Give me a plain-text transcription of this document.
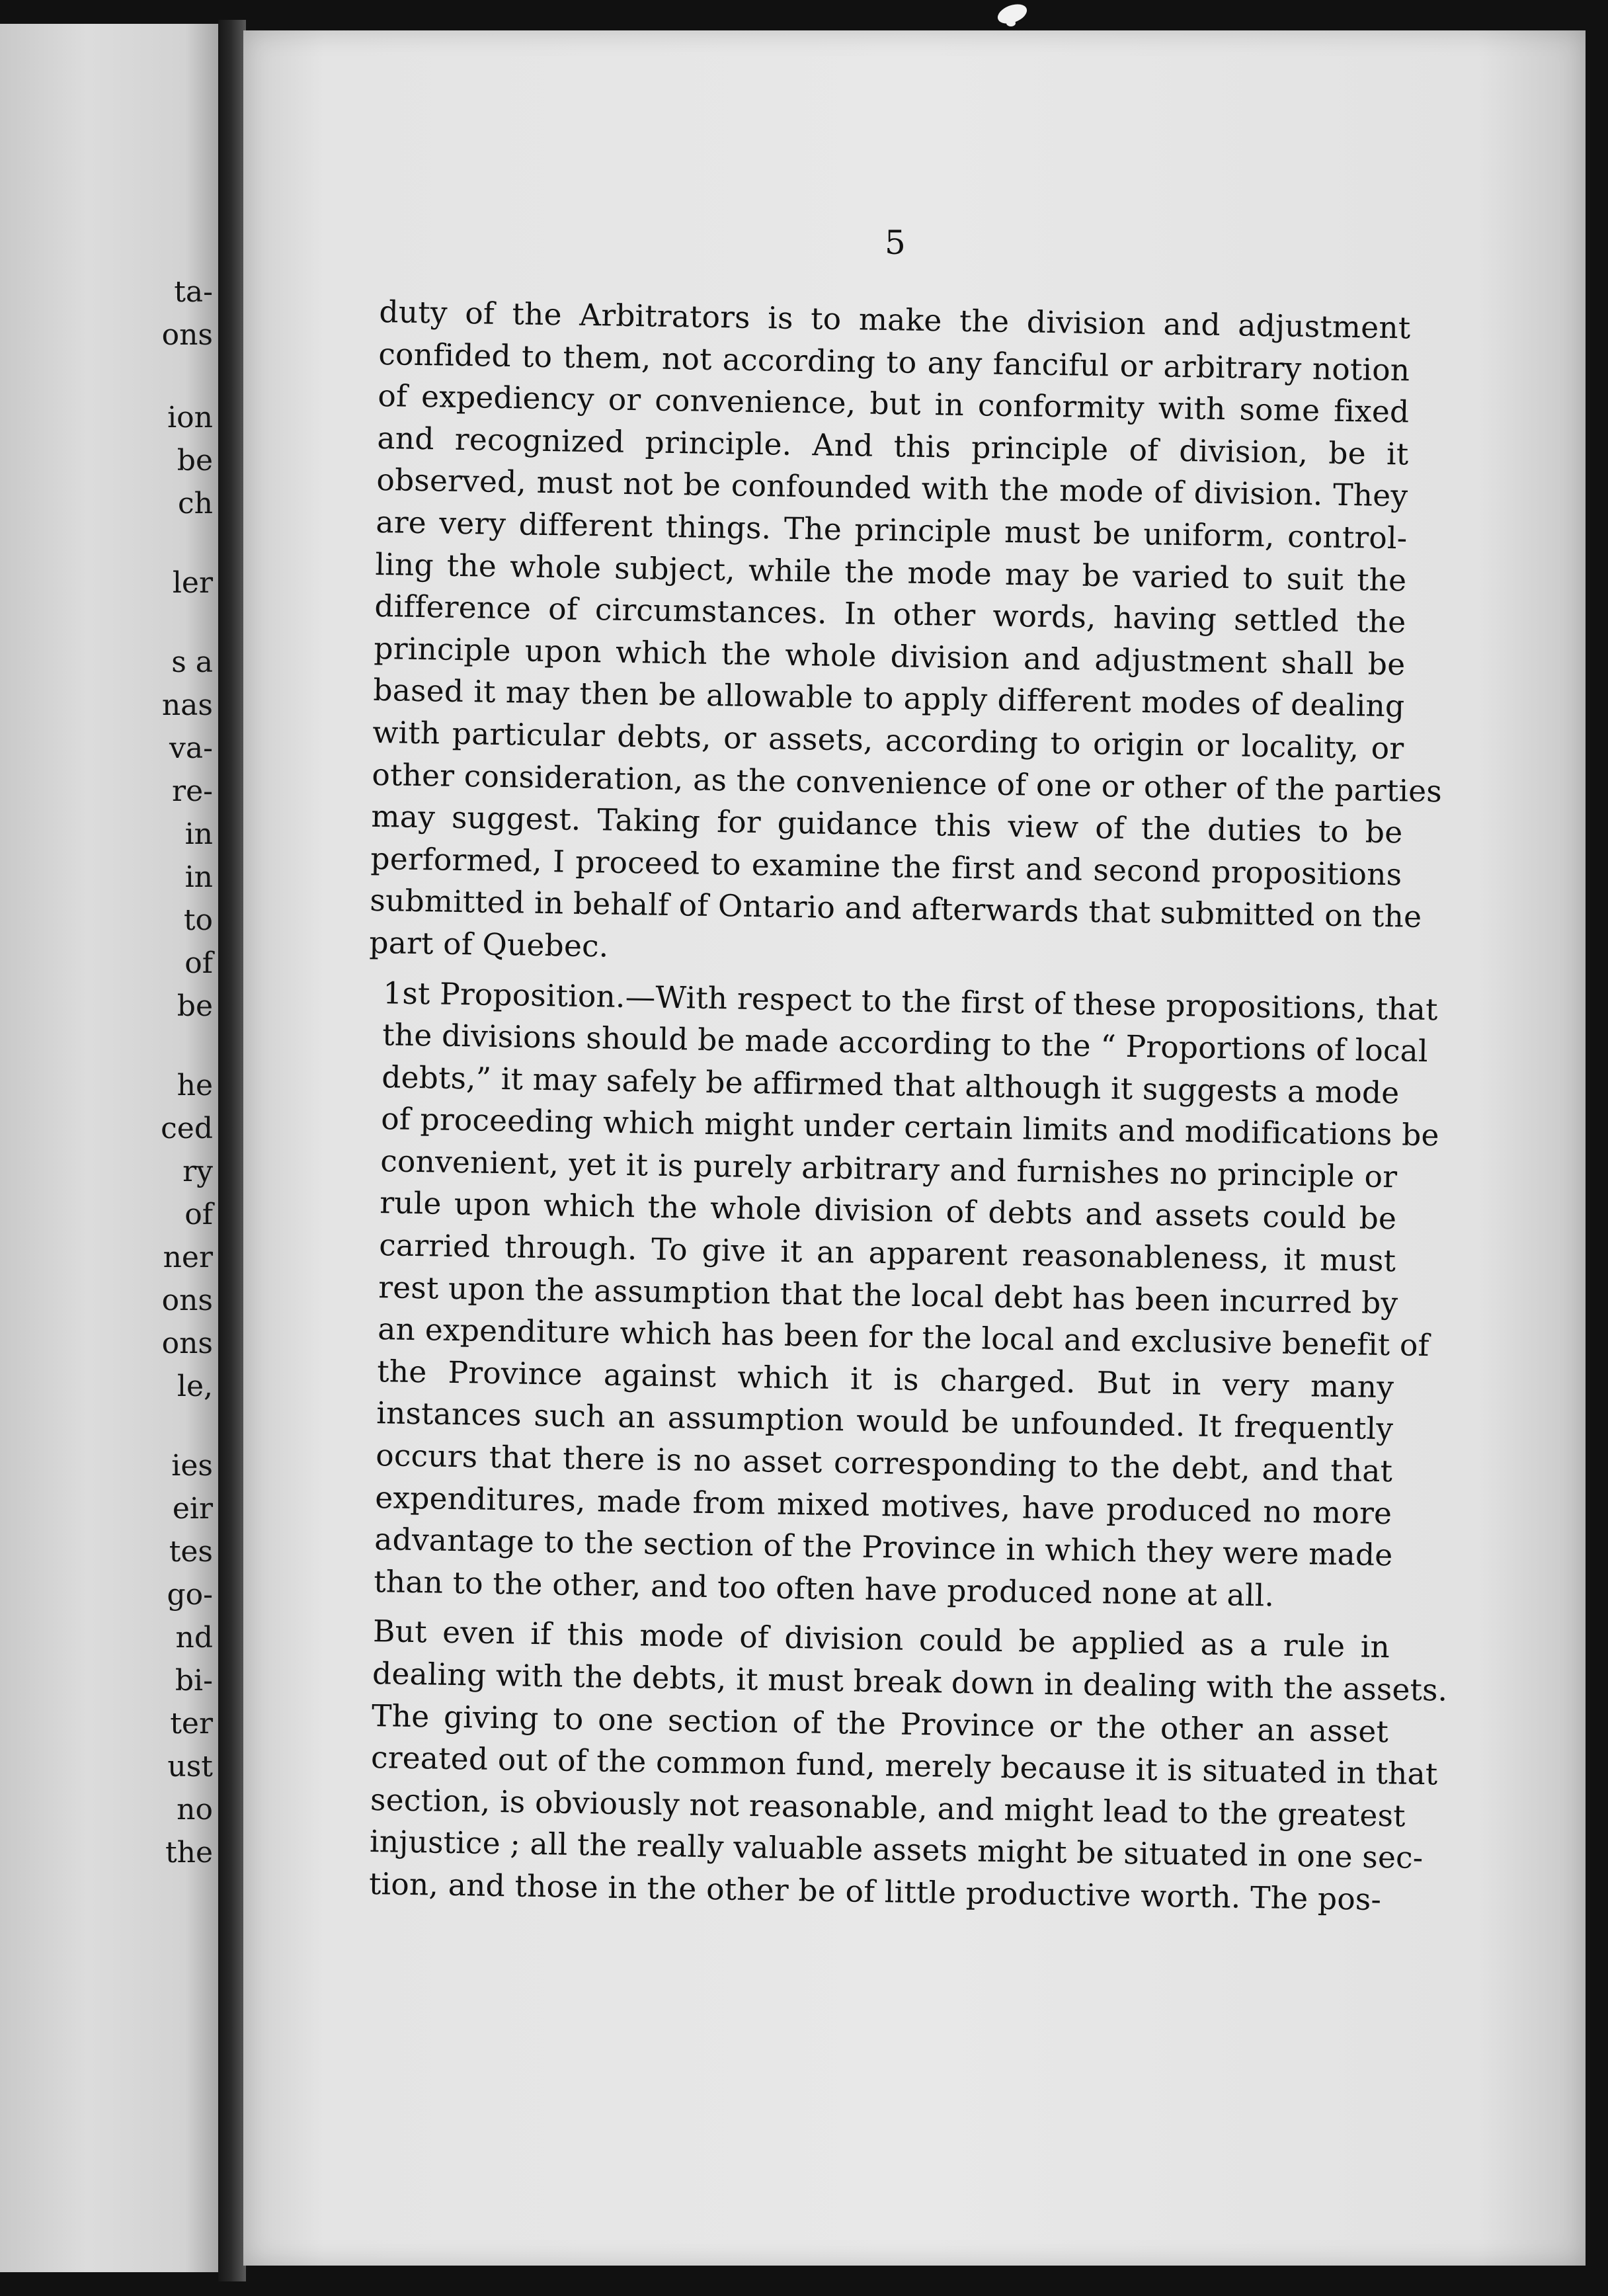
ta-
ons
ion
be
ch
ler
s a
nas
va-
re-
in
in
to
of
be
he
ced
ry
of
ner
ons
ons
le,
ies
eir
tes
go-
nd
bi-
ter
ust
no
the
5
duty of the Arbitrators is to make the division and adjustment
confided to them, not according to any fanciful or arbitrary notion
of expediency or convenience, but in conformity with some fixed
and recognized principle. And this principle of division, be it
observed, must not be confounded with the mode of division. They
are very different things. The principle must be uniform, control-
ling the whole subject, while the mode may be varied to suit the
difference of circumstances. In other words, having settled the
principle upon which the whole division and adjustment shall be
based it may then be allowable to apply different modes of dealing
with particular debts, or assets, according to origin or locality, or
other consideration, as the convenience of one or other of the parties
may suggest. Taking for guidance this view of the duties to be
performed, I proceed to examine the first and second propositions
submitted in behalf of Ontario and afterwards that submitted on the
part of Quebec.
1st Proposition.—With respect to the first of these propositions, that
the divisions should be made according to the “ Proportions of local
debts,” it may safely be affirmed that although it suggests a mode
of proceeding which might under certain limits and modifications be
convenient, yet it is purely arbitrary and furnishes no principle or
rule upon which the whole division of debts and assets could be
carried through. To give it an apparent reasonableness, it must
rest upon the assumption that the local debt has been incurred by
an expenditure which has been for the local and exclusive benefit of
the Province against which it is charged. But in very many
instances such an assumption would be unfounded. It frequently
occurs that there is no asset corresponding to the debt, and that
expenditures, made from mixed motives, have produced no more
advantage to the section of the Province in which they were made
than to the other, and too often have produced none at all.
But even if this mode of division could be applied as a rule in
dealing with the debts, it must break down in dealing with the assets.
The giving to one section of the Province or the other an asset
created out of the common fund, merely because it is situated in that
section, is obviously not reasonable, and might lead to the greatest
injustice ; all the really valuable assets might be situated in one sec-
tion, and those in the other be of little productive worth. The pos-
